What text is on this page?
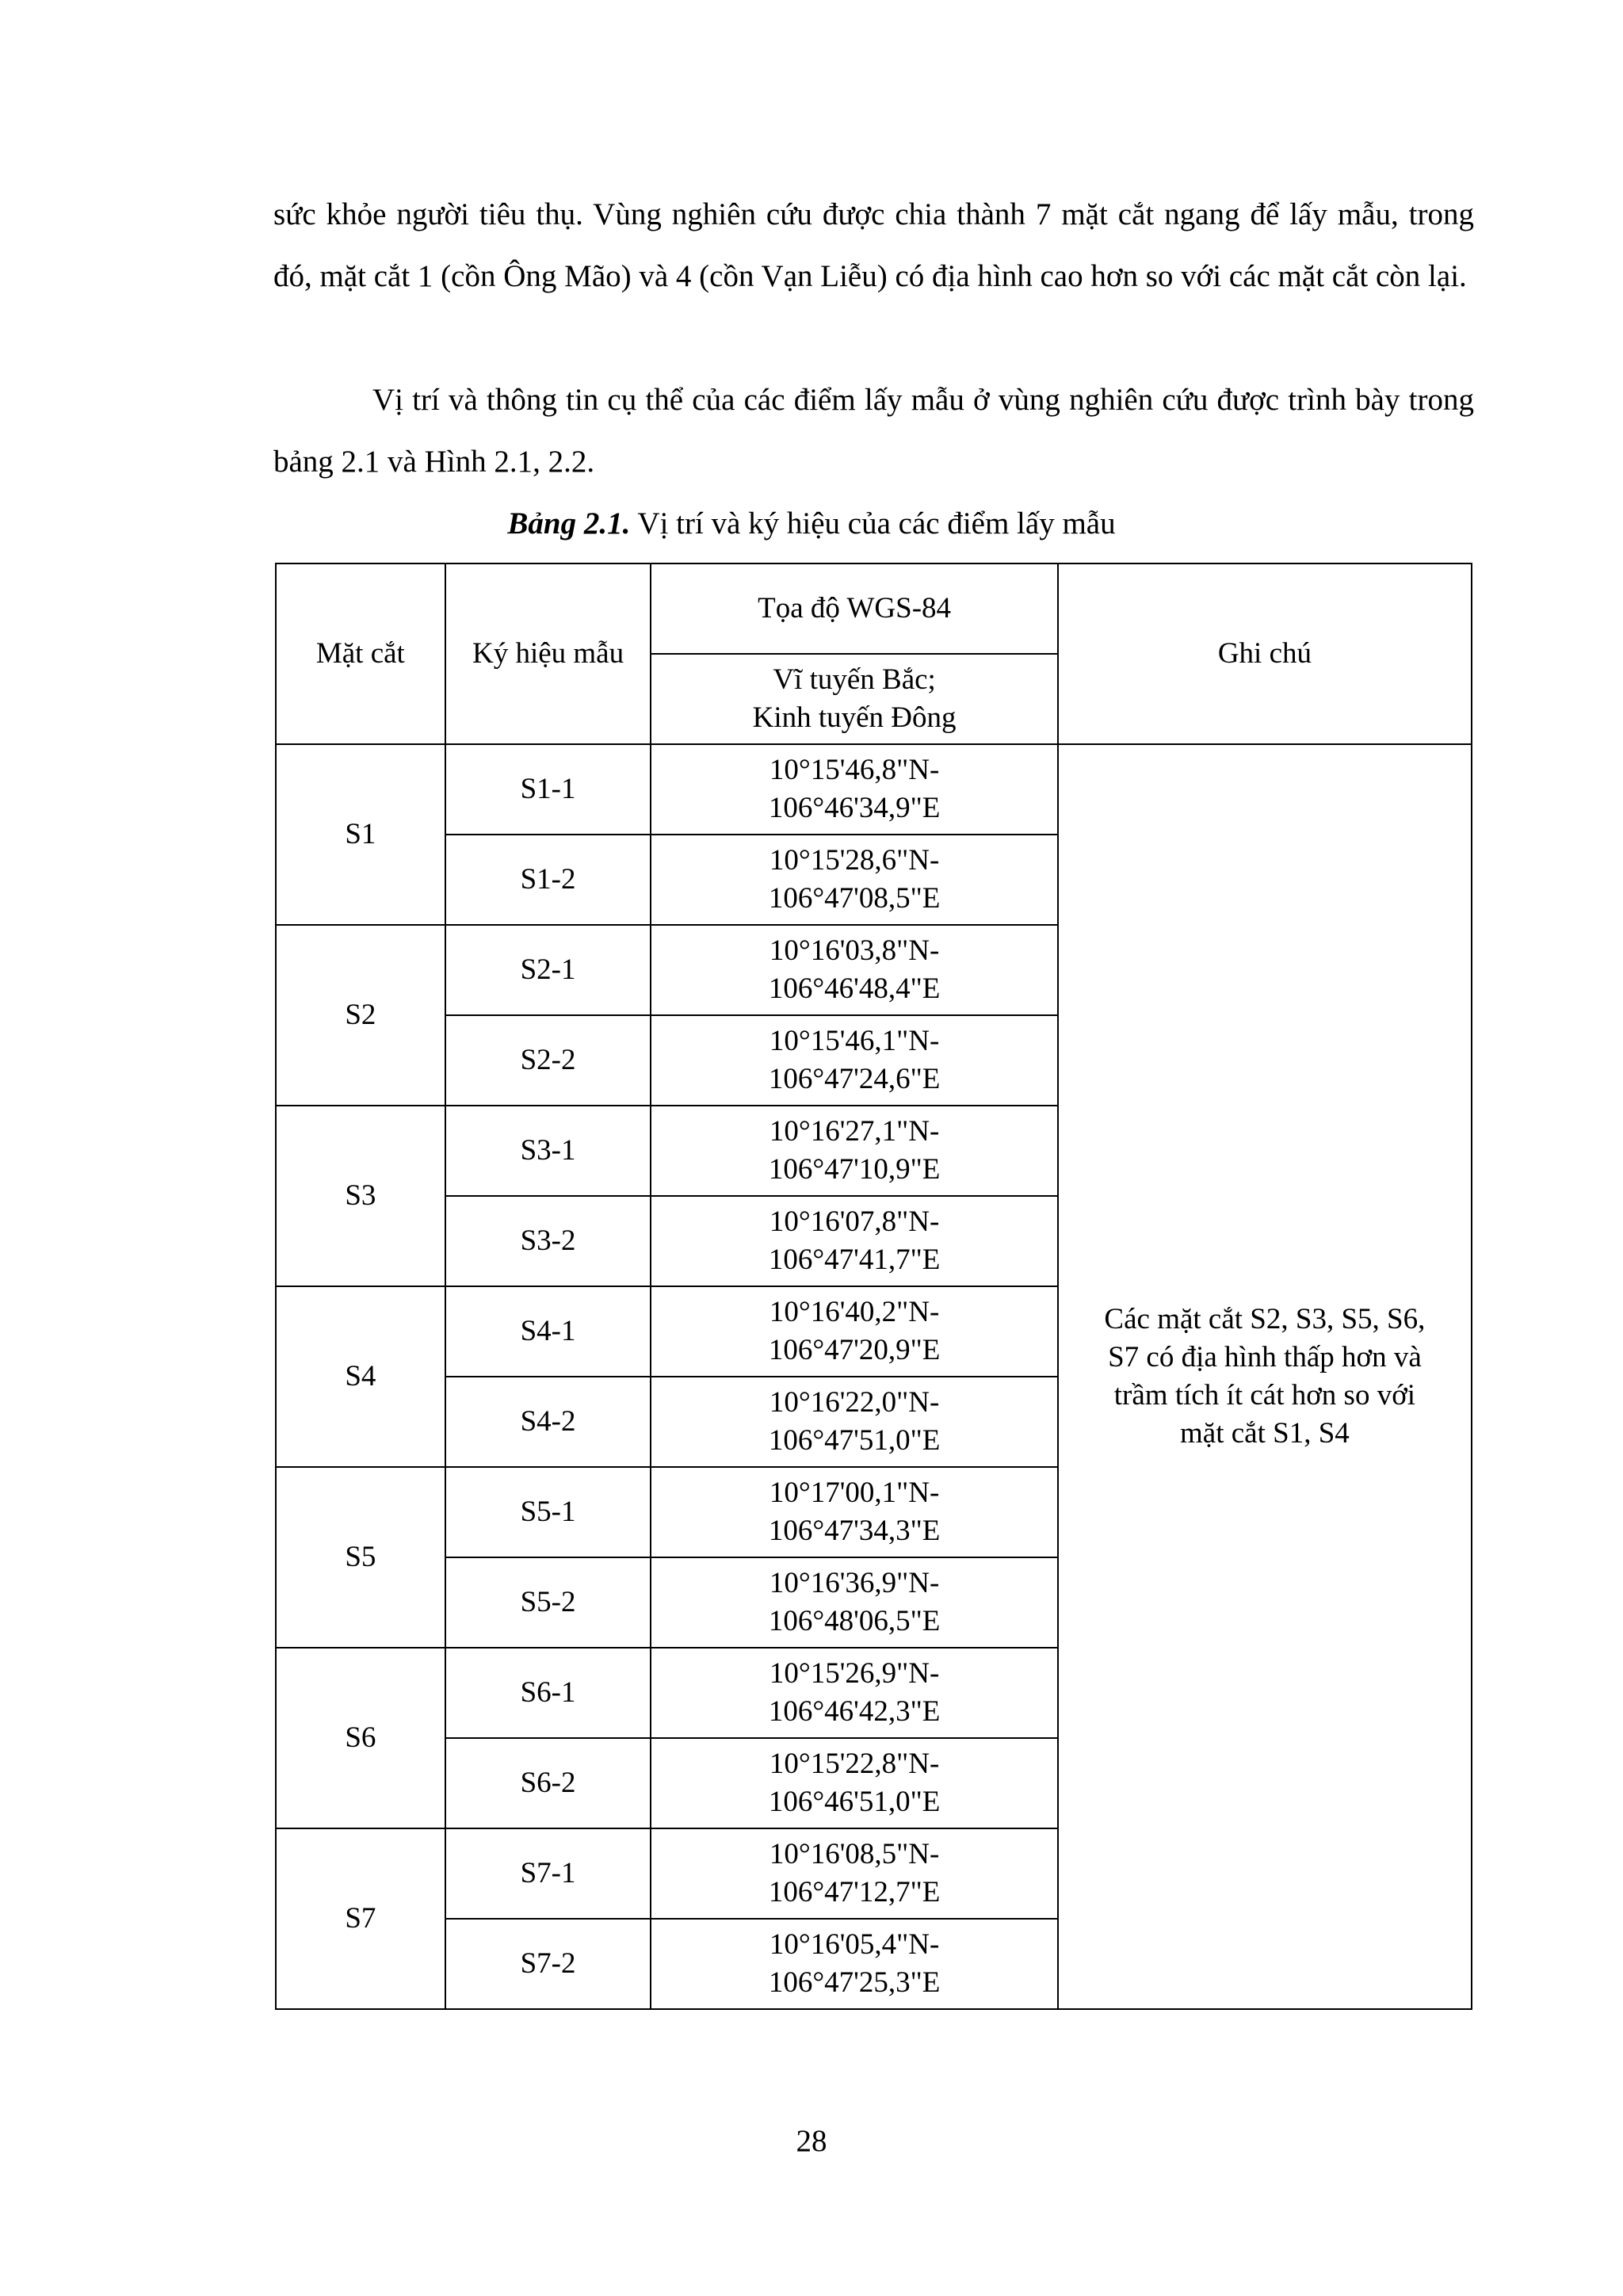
sức khỏe người tiêu thụ. Vùng nghiên cứu được chia thành 7 mặt cắt ngang để lấy mẫu, trong đó, mặt cắt 1 (cồn Ông Mão) và 4 (cồn Vạn Liễu) có địa hình cao hơn so với các mặt cắt còn lại.

Vị trí và thông tin cụ thể của các điểm lấy mẫu ở vùng nghiên cứu được trình bày trong bảng 2.1 và Hình 2.1, 2.2.

Bảng 2.1. Vị trí và ký hiệu của các điểm lấy mẫu
Mặt cắt	Ký hiệu mẫu	Tọa độ WGS-84	Ghi chú

		Vĩ tuyến Bắc;
Kinh tuyến Đông	

S1	S1-1	10°15'46,8"N-
106°46'34,9"E	Các mặt cắt S2, S3, S5, S6,
S7 có địa hình thấp hơn và
trầm tích ít cát hơn so với
mặt cắt S1, S4

	S1-2	10°15'28,6"N-
106°47'08,5"E	

S2	S2-1	10°16'03,8"N-
106°46'48,4"E	

	S2-2	10°15'46,1"N-
106°47'24,6"E	

S3	S3-1	10°16'27,1"N-
106°47'10,9"E	

	S3-2	10°16'07,8"N-
106°47'41,7"E	

S4	S4-1	10°16'40,2"N-
106°47'20,9"E	

	S4-2	10°16'22,0"N-
106°47'51,0"E	

S5	S5-1	10°17'00,1"N-
106°47'34,3"E	

	S5-2	10°16'36,9"N-
106°48'06,5"E	

S6	S6-1	10°15'26,9"N-
106°46'42,3"E	

	S6-2	10°15'22,8"N-
106°46'51,0"E	

S7	S7-1	10°16'08,5"N-
106°47'12,7"E	

	S7-2	10°16'05,4"N-
106°47'25,3"E	
28
